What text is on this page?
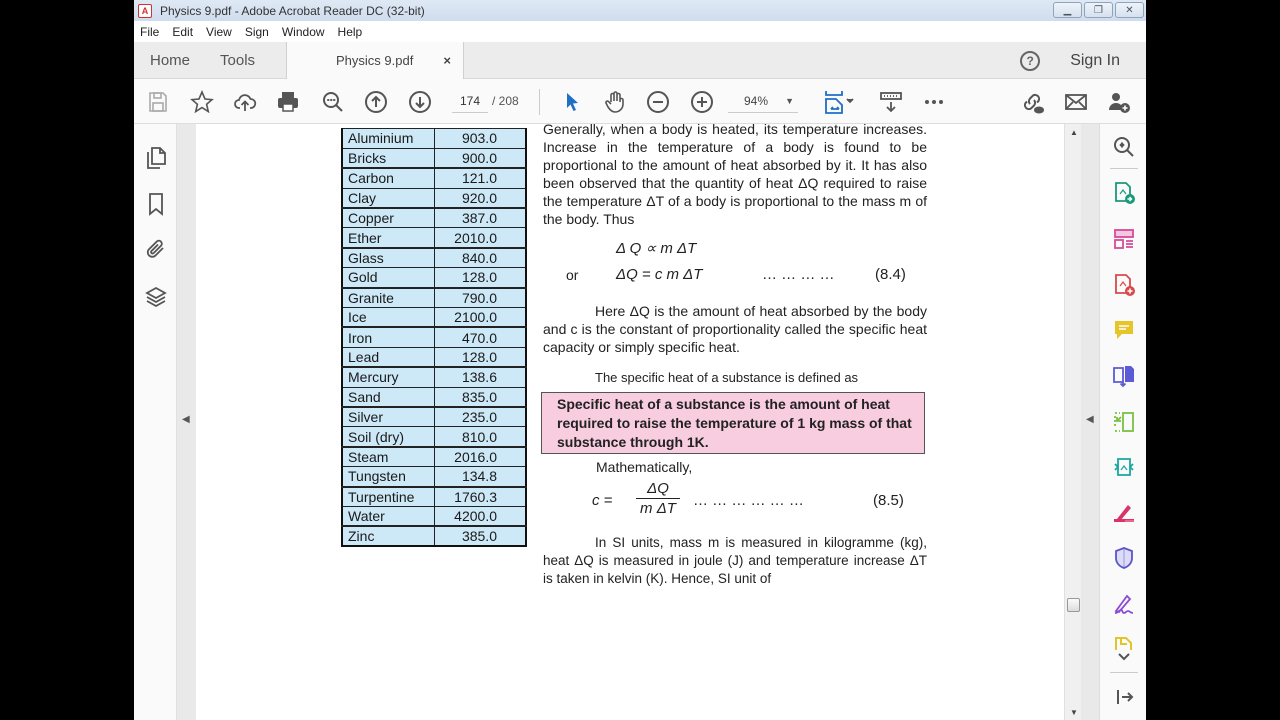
A Physics 9.pdf - Adobe Acrobat Reader DC (32-bit)	▁	❐	✕
File Edit View Sign Window Help
Home Tools	Physics 9.pdf ×	?	Sign In
174 / 208	94% ▼
◀
Aluminium	903.0
Bricks	900.0
Carbon	121.0
Clay	920.0
Copper	387.0
Ether	2010.0
Glass	840.0
Gold	128.0
Granite	790.0
Ice	2100.0
Iron	470.0
Lead	128.0
Mercury	138.6
Sand	835.0
Silver	235.0
Soil (dry)	810.0
Steam	2016.0
Tungsten	134.8
Turpentine	1760.3
Water	4200.0
Zinc	385.0
Generally, when a body is heated, its temperature increases. Increase in the temperature of a body is found to be proportional to the amount of heat absorbed by it. It has also been observed that the quantity of heat ΔQ required to raise the temperature ΔT of a body is proportional to the mass m of the body. Thus
Δ Q ∝ m ΔT
or	ΔQ = c m ΔT	… … … …	(8.4)
Here ΔQ is the amount of heat absorbed by the body and c is the constant of proportionality called the specific heat capacity or simply specific heat.
The specific heat of a substance is defined as
Specific heat of a substance is the amount of heat required to raise the temperature of 1 kg mass of that substance through 1K.
Mathematically,
$c = \frac{\Delta Q}{\text{m ΔT}}$ … … … … … …	(8.5)
In SI units, mass m is measured in kilogramme (kg), heat ΔQ is measured in joule (J) and temperature increase ΔT is taken in kelvin (K). Hence, SI unit of
▲
▼
◀
